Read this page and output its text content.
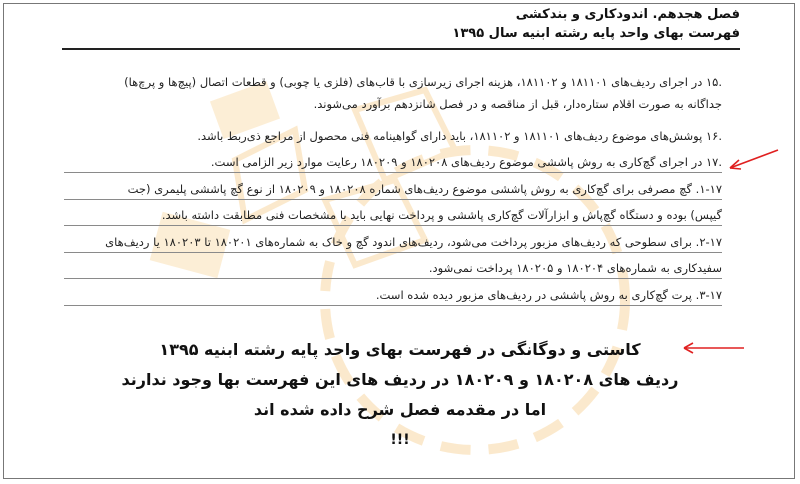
فصل هجدهم. اندودکاری و بندکشی
فهرست بهای واحد پایه رشته ابنیه سال ۱۳۹۵
.۱۵ در اجرای ردیف‌های ۱۸۱۱۰۱ و ۱۸۱۱۰۲، هزینه اجرای زیرسازی با قاب‌های (فلزی یا چوبی) و قطعات اتصال (پیچ‌ها و پرچ‌ها)
جداگانه به صورت اقلام ستاره‌دار، قبل از مناقصه و در فصل شانزدهم برآورد می‌شوند.
.۱۶ پوشش‌های موضوع ردیف‌های ۱۸۱۱۰۱ و ۱۸۱۱۰۲، باید دارای گواهینامه فنی محصول از مراجع ذی‌ربط باشد.
.۱۷ در اجرای گچ‌کاری به روش پاششی موضوع ردیف‌های ۱۸۰۲۰۸ و ۱۸۰۲۰۹ رعایت موارد زیر الزامی است.
۱-۱۷. گچ مصرفی برای گچ‌کاری به روش پاششی موضوع ردیف‌های شماره ۱۸۰۲۰۸ و ۱۸۰۲۰۹ از نوع گچ پاششی پلیمری (جت
گیپس) بوده و دستگاه گچ‌پاش و ابزارآلات گچ‌کاری پاششی و پرداخت نهایی باید با مشخصات فنی مطابقت داشته باشد.
۲-۱۷. برای سطوحی که ردیف‌های مزبور پرداخت می‌شود، ردیف‌های اندود گچ و خاک به شماره‌های ۱۸۰۲۰۱ تا ۱۸۰۲۰۳ یا ردیف‌های
سفیدکاری به شماره‌های ۱۸۰۲۰۴ و ۱۸۰۲۰۵ پرداخت نمی‌شود.
۳-۱۷. پرت گچ‌کاری به روش پاششی در ردیف‌های مزبور دیده شده است.
کاستی و دوگانگی در فهرست بهای واحد پایه رشته ابنیه ۱۳۹۵
ردیف های ۱۸۰۲۰۸ و ۱۸۰۲۰۹ در ردیف های این فهرست بها وجود ندارند
اما در مقدمه فصل شرح داده شده اند
!!!
